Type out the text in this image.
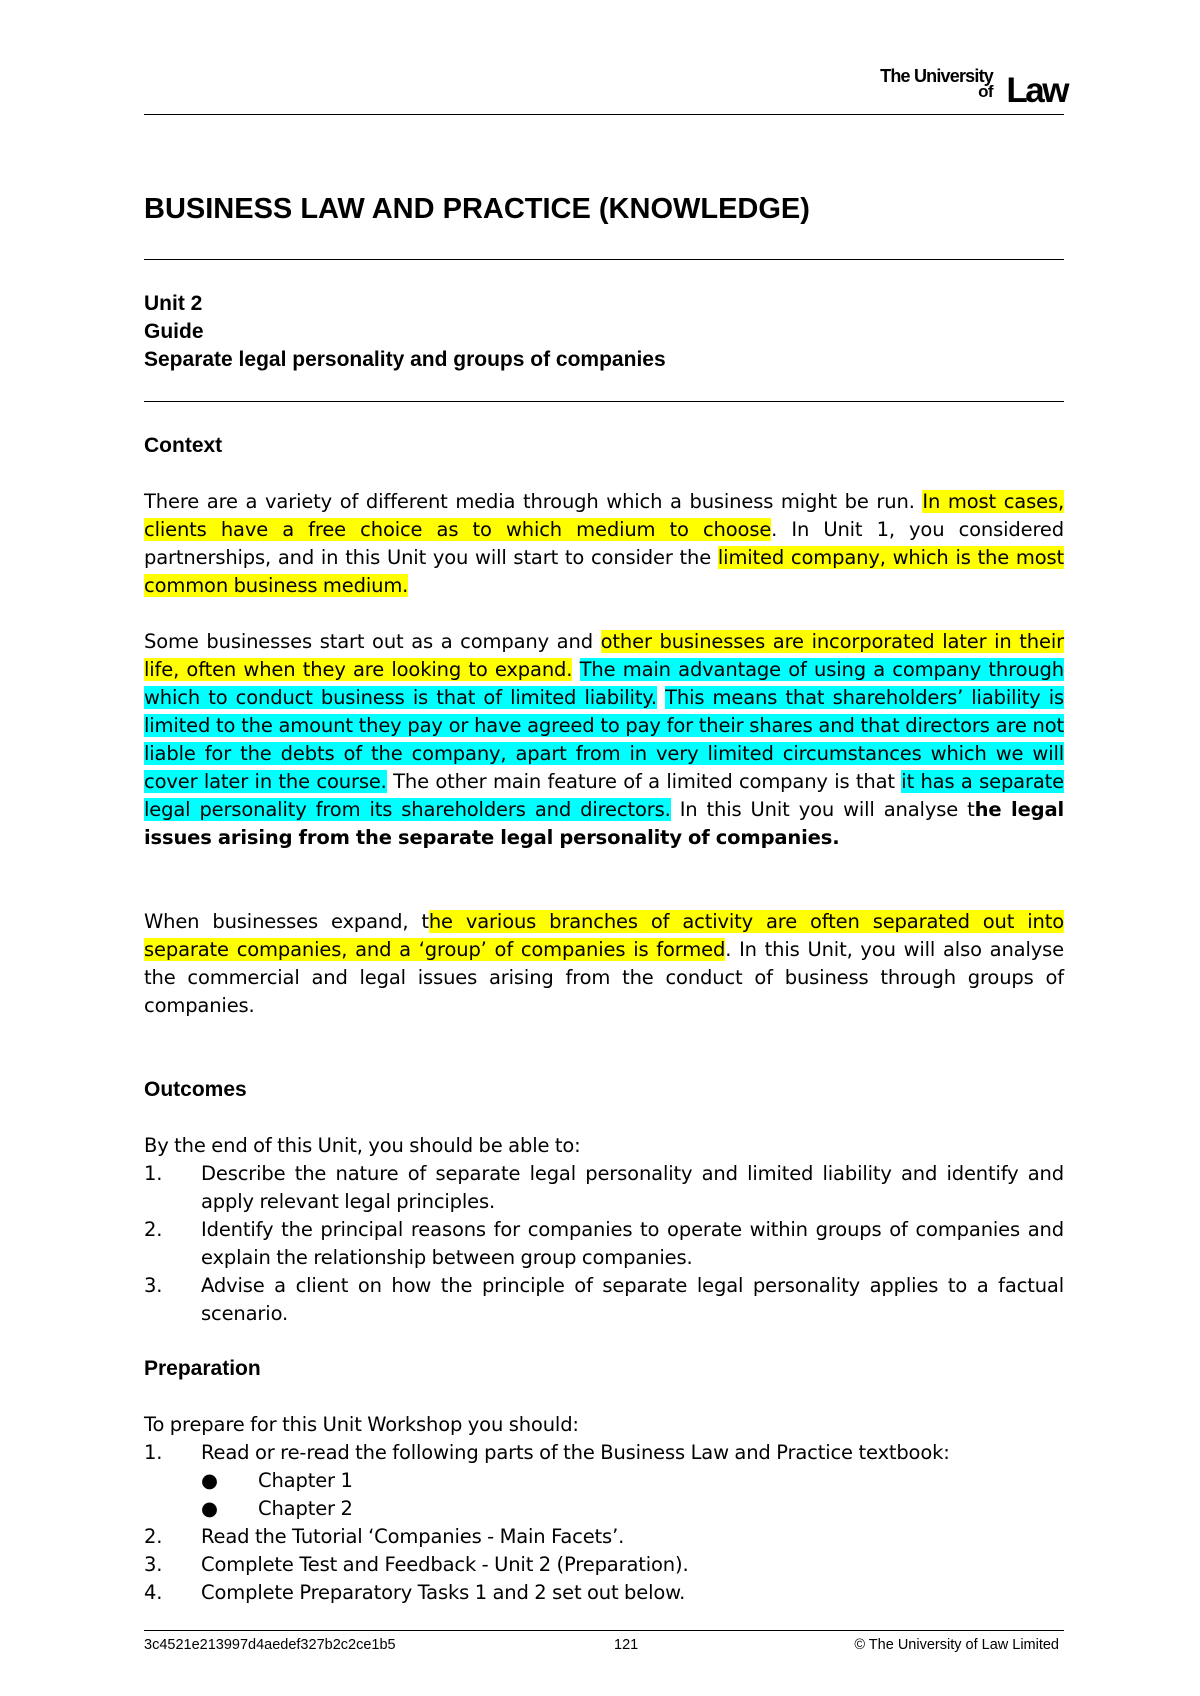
The University
of Law
BUSINESS LAW AND PRACTICE (KNOWLEDGE)
Unit 2
Guide
Separate legal personality and groups of companies
Context
There are a variety of different media through which a business might be run. In most cases, clients have a free choice as to which medium to choose. In Unit 1, you considered partnerships, and in this Unit you will start to consider the limited company, which is the most common business medium.
Some businesses start out as a company and other businesses are incorporated later in their life, often when they are looking to expand. The main advantage of using a company through which to conduct business is that of limited liability. This means that shareholders’ liability is limited to the amount they pay or have agreed to pay for their shares and that directors are not liable for the debts of the company, apart from in very limited circumstances which we will cover later in the course. The other main feature of a limited company is that it has a separate legal personality from its shareholders and directors. In this Unit you will analyse the legal issues arising from the separate legal personality of companies.
When businesses expand, the various branches of activity are often separated out into separate companies, and a ‘group’ of companies is formed. In this Unit, you will also analyse the commercial and legal issues arising from the conduct of business through groups of companies.
Outcomes
By the end of this Unit, you should be able to:
1. Describe the nature of separate legal personality and limited liability and identify and apply relevant legal principles.
2. Identify the principal reasons for companies to operate within groups of companies and explain the relationship between group companies.
3. Advise a client on how the principle of separate legal personality applies to a factual scenario.
Preparation
To prepare for this Unit Workshop you should:
1. Read or re-read the following parts of the Business Law and Practice textbook:
● Chapter 1
● Chapter 2
2. Read the Tutorial ‘Companies - Main Facets’.
3. Complete Test and Feedback - Unit 2 (Preparation).
4. Complete Preparatory Tasks 1 and 2 set out below.
3c4521e213997d4aedef327b2c2ce1b5	121	© The University of Law Limited
